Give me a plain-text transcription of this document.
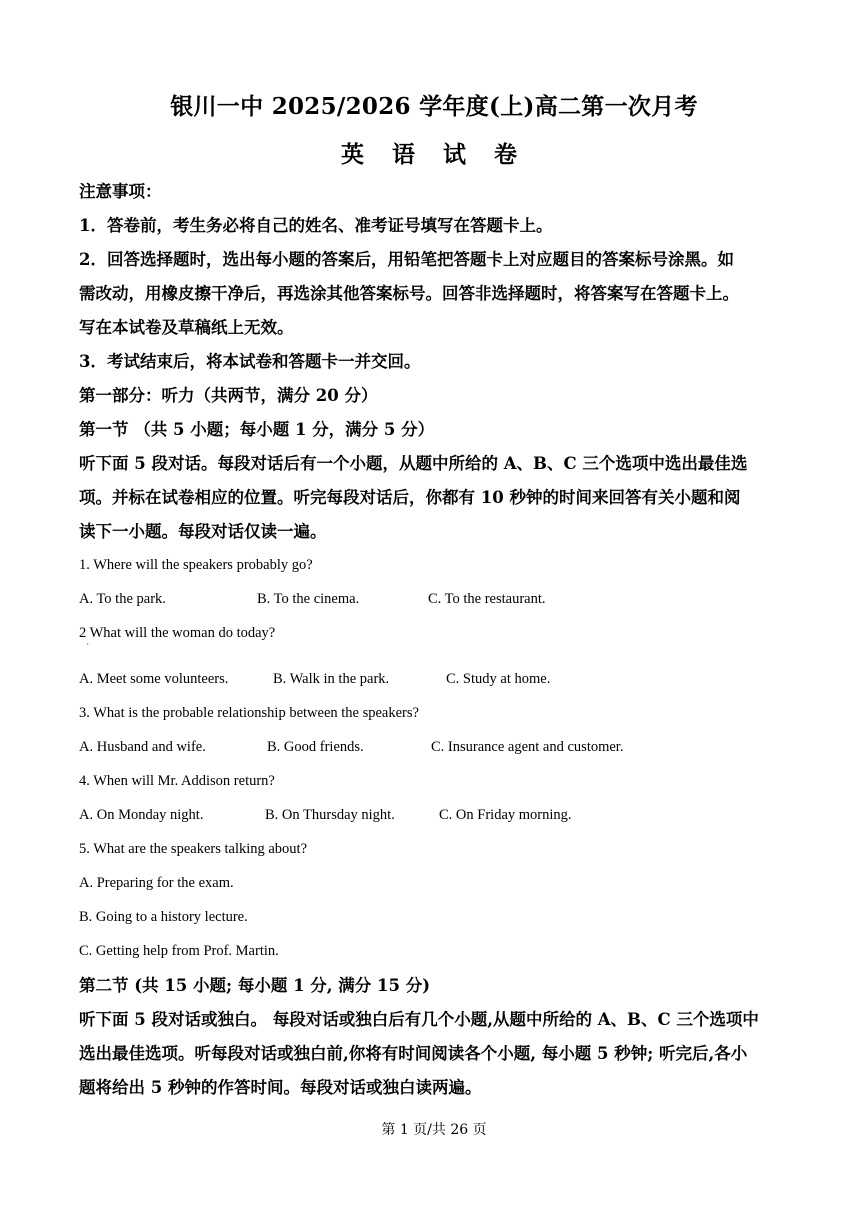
银川一中 2025/2026 学年度(上)高二第一次月考
英 语 试 卷
注意事项：
1．答卷前，考生务必将自己的姓名、准考证号填写在答题卡上。
2．回答选择题时，选出每小题的答案后，用铅笔把答题卡上对应题目的答案标号涂黑。如
需改动，用橡皮擦干净后，再选涂其他答案标号。回答非选择题时，将答案写在答题卡上。
写在本试卷及草稿纸上无效。
3．考试结束后，将本试卷和答题卡一并交回。
第一部分：听力（共两节，满分 20 分）
第一节 （共 5 小题；每小题 1 分，满分 5 分）
听下面 5 段对话。每段对话后有一个小题，从题中所给的 A、B、C 三个选项中选出最佳选
项。并标在试卷相应的位置。听完每段对话后，你都有 10 秒钟的时间来回答有关小题和阅
读下一小题。每段对话仅读一遍。
1. Where will the speakers probably go?
A. To the park.	B. To the cinema.	C. To the restaurant.
2 What will the woman do today?
ˋ
A. Meet some volunteers.	B. Walk in the park.	C. Study at home.
3. What is the probable relationship between the speakers?
A. Husband and wife.	B. Good friends.	C. Insurance agent and customer.
4. When will Mr. Addison return?
A. On Monday night.	B. On Thursday night.	C. On Friday morning.
5. What are the speakers talking about?
A. Preparing for the exam.
B. Going to a history lecture.
C. Getting help from Prof. Martin.
第二节 (共 15 小题; 每小题 1 分, 满分 15 分)
听下面 5 段对话或独白。 每段对话或独白后有几个小题,从题中所给的 A、B、C 三个选项中
选出最佳选项。听每段对话或独白前,你将有时间阅读各个小题, 每小题 5 秒钟; 听完后,各小
题将给出 5 秒钟的作答时间。每段对话或独白读两遍。
第 1 页/共 26 页
